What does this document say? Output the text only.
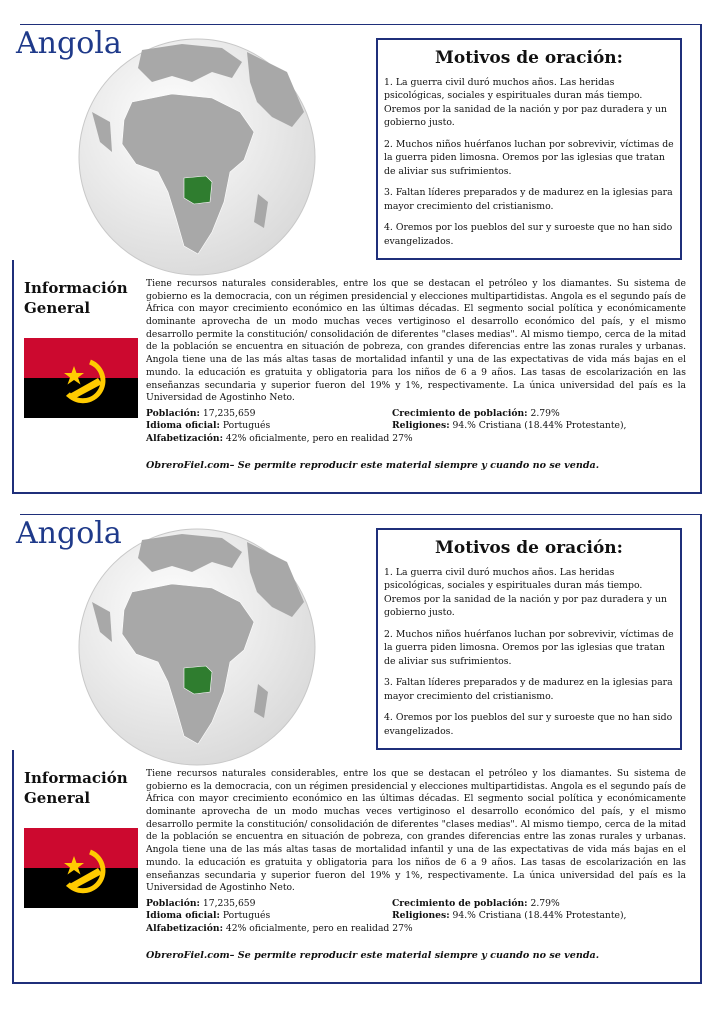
Angola	Motivos de oración:

1. La guerra civil duró muchos años. Las heridas psicológicas, sociales y espirituales duran más tiempo. Oremos por la sanidad de la nación y por paz duradera y un gobierno justo.

2. Muchos niños huérfanos luchan por sobrevivir, víctimas de la guerra piden limosna. Oremos por las iglesias que tratan de aliviar sus sufrimientos.

3. Faltan líderes preparados y de madurez en la iglesias para mayor crecimiento del cristianismo.

4. Oremos por los pueblos del sur y suroeste que no han sido evangelizados.

Información
General
Tiene recursos naturales considerables, entre los que se destacan el petróleo y los diamantes. Su sistema de gobierno es la democracia, con un régimen presidencial y elecciones multipartidistas. Angola es el segundo país de África con mayor crecimiento económico en las últimas décadas. El segmento social política y económicamente dominante aprovecha de un modo muchas veces vertiginoso el desarrollo económico del país, y el mismo desarrollo permite la constitución/ consolidación de diferentes "clases medias". Al mismo tiempo, cerca de la mitad de la población se encuentra en situación de pobreza, con grandes diferencias entre las zonas rurales y urbanas. Angola tiene una de las más altas tasas de mortalidad infantil y una de las expectativas de vida más bajas en el mundo. la educación es gratuita y obligatoria para los niños de 6 a 9 años. Las tasas de escolarización en las enseñanzas secundaria y superior fueron del 19% y 1%, respectivamente. La única universidad del país es la Universidad de Agostinho Neto.
Población: 17,235,659	Crecimiento de población: 2.79%
Idioma oficial: Portugués	Religiones: 94.% Cristiana (18.44% Protestante),
Alfabetización: 42% oficialmente, pero en realidad 27%
ObreroFiel.com– Se permite reproducir este material siempre y cuando no se venda.
Angola	Motivos de oración:

1. La guerra civil duró muchos años. Las heridas psicológicas, sociales y espirituales duran más tiempo. Oremos por la sanidad de la nación y por paz duradera y un gobierno justo.

2. Muchos niños huérfanos luchan por sobrevivir, víctimas de la guerra piden limosna. Oremos por las iglesias que tratan de aliviar sus sufrimientos.

3. Faltan líderes preparados y de madurez en la iglesias para mayor crecimiento del cristianismo.

4. Oremos por los pueblos del sur y suroeste que no han sido evangelizados.

Información
General
Tiene recursos naturales considerables, entre los que se destacan el petróleo y los diamantes. Su sistema de gobierno es la democracia, con un régimen presidencial y elecciones multipartidistas. Angola es el segundo país de África con mayor crecimiento económico en las últimas décadas. El segmento social política y económicamente dominante aprovecha de un modo muchas veces vertiginoso el desarrollo económico del país, y el mismo desarrollo permite la constitución/ consolidación de diferentes "clases medias". Al mismo tiempo, cerca de la mitad de la población se encuentra en situación de pobreza, con grandes diferencias entre las zonas rurales y urbanas. Angola tiene una de las más altas tasas de mortalidad infantil y una de las expectativas de vida más bajas en el mundo. la educación es gratuita y obligatoria para los niños de 6 a 9 años. Las tasas de escolarización en las enseñanzas secundaria y superior fueron del 19% y 1%, respectivamente. La única universidad del país es la Universidad de Agostinho Neto.
Población: 17,235,659	Crecimiento de población: 2.79%
Idioma oficial: Portugués	Religiones: 94.% Cristiana (18.44% Protestante),
Alfabetización: 42% oficialmente, pero en realidad 27%
ObreroFiel.com– Se permite reproducir este material siempre y cuando no se venda.
